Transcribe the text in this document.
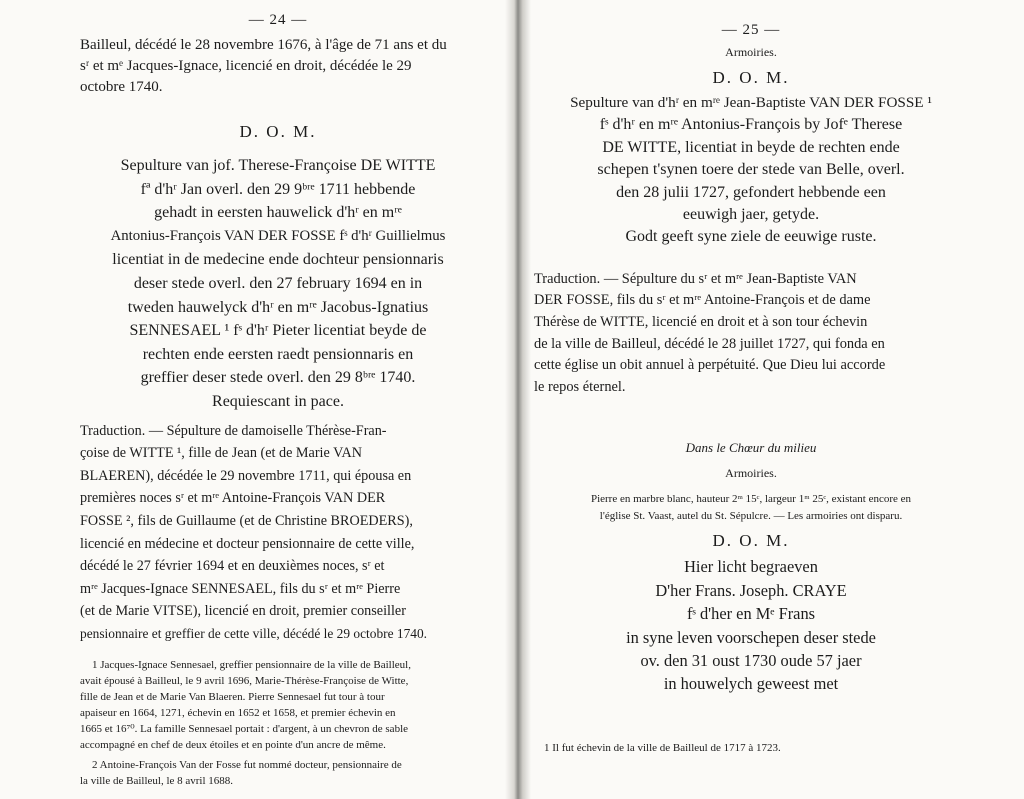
— 24 —
Bailleul, décédé le 28 novembre 1676, à l'âge de 71 ans et du
sʳ et mᵉ Jacques-Ignace, licencié en droit, décédée le 29
octobre 1740.
D. O. M.
Sepulture van jof. Therese-Françoise DE WITTE
fª d'hʳ Jan overl. den 29 9ᵇʳᵉ 1711 hebbende
gehadt in eersten hauwelick d'hʳ en mʳᵉ
Antonius-François VAN DER FOSSE fˢ d'hʳ Guillielmus
licentiat in de medecine ende dochteur pensionnaris
deser stede overl. den 27 february 1694 en in
tweden hauwelyck d'hʳ en mʳᵉ Jacobus-Ignatius
SENNESAEL ¹ fˢ d'hʳ Pieter licentiat beyde de
rechten ende eersten raedt pensionnaris en
greffier deser stede overl. den 29 8ᵇʳᵉ 1740.
Requiescant in pace.
Traduction. — Sépulture de damoiselle Thérèse-Fran-
çoise de WITTE ¹, fille de Jean (et de Marie VAN
BLAEREN), décédée le 29 novembre 1711, qui épousa en
premières noces sʳ et mʳᵉ Antoine-François VAN DER
FOSSE ², fils de Guillaume (et de Christine BROEDERS),
licencié en médecine et docteur pensionnaire de cette ville,
décédé le 27 février 1694 et en deuxièmes noces, sʳ et
mʳᵉ Jacques-Ignace SENNESAEL, fils du sʳ et mʳᵉ Pierre
(et de Marie VITSE), licencié en droit, premier conseiller
pensionnaire et greffier de cette ville, décédé le 29 octobre 1740.

1 Jacques-Ignace Sennesael, greffier pensionnaire de la ville de Bailleul,

avait épousé à Bailleul, le 9 avril 1696, Marie-Thérèse-Françoise de Witte,

fille de Jean et de Marie Van Blaeren. Pierre Sennesael fut tour à tour

apaiseur en 1664, 1271, échevin en 1652 et 1658, et premier échevin en

1665 et 16⁷⁰. La famille Sennesael portait : d'argent, à un chevron de sable

accompagné en chef de deux étoiles et en pointe d'un ancre de même.

2 Antoine-François Van der Fosse fut nommé docteur, pensionnaire de

la ville de Bailleul, le 8 avril 1688.

— 25 —
Armoiries.
D. O. M.
Sepulture van d'hʳ en mʳᵉ Jean-Baptiste VAN DER FOSSE ¹
fˢ d'hʳ en mʳᵉ Antonius-François by Jofᵉ Therese
DE WITTE, licentiat in beyde de rechten ende
schepen t'synen toere der stede van Belle, overl.
den 28 julii 1727, gefondert hebbende een
eeuwigh jaer, getyde.
Godt geeft syne ziele de eeuwige ruste.
Traduction. — Sépulture du sʳ et mʳᵉ Jean-Baptiste VAN
DER FOSSE, fils du sʳ et mʳᵉ Antoine-François et de dame
Thérèse de WITTE, licencié en droit et à son tour échevin
de la ville de Bailleul, décédé le 28 juillet 1727, qui fonda en
cette église un obit annuel à perpétuité. Que Dieu lui accorde
le repos éternel.
Dans le Chœur du milieu
Armoiries.
Pierre en marbre blanc, hauteur 2ᵐ 15ᶜ, largeur 1ᵐ 25ᶜ, existant encore en
l'église St. Vaast, autel du St. Sépulcre. — Les armoiries ont disparu.
D. O. M.
Hier licht begraeven
D'her Frans. Joseph. CRAYE
fˢ d'her en Mᵉ Frans
in syne leven voorschepen deser stede
ov. den 31 oust 1730 oude 57 jaer
in houwelych geweest met
1 Il fut échevin de la ville de Bailleul de 1717 à 1723.
